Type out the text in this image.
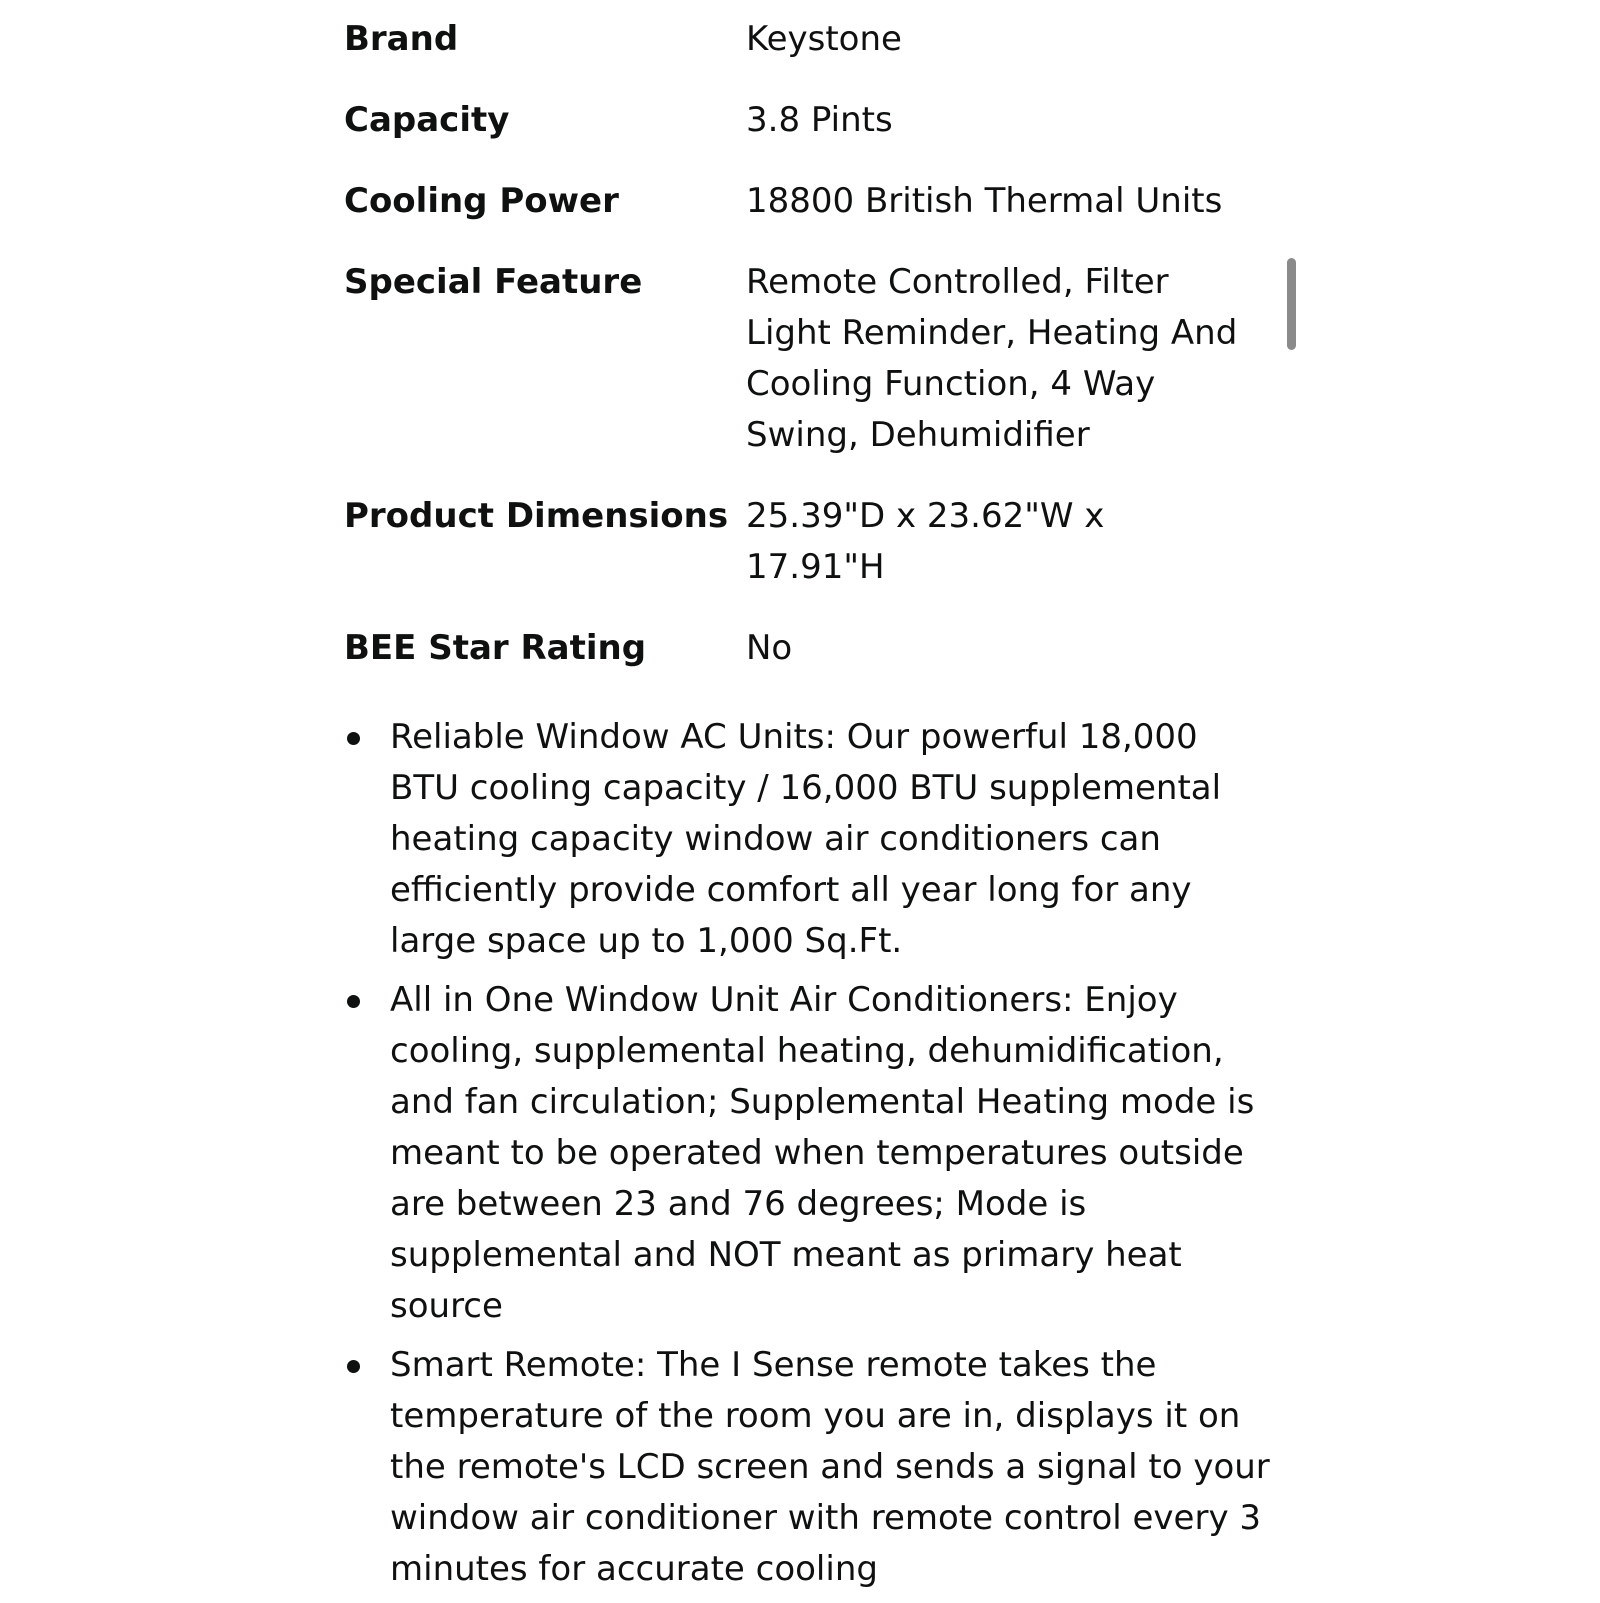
Brand	Keystone
Capacity	3.8 Pints
Cooling Power	18800 British Thermal Units
Special Feature	Remote Controlled, Filter Light Reminder, Heating And Cooling Function, 4 Way Swing, Dehumidifier
Product Dimensions 25.39"D x 23.62"W x 17.91"H
BEE Star Rating	No
Reliable Window AC Units: Our powerful 18,000 BTU cooling capacity / 16,000 BTU supplemental heating capacity window air conditioners can efficiently provide comfort all year long for any large space up to 1,000 Sq.Ft.
All in One Window Unit Air Conditioners: Enjoy cooling, supplemental heating, dehumidification, and fan circulation; Supplemental Heating mode is meant to be operated when temperatures outside are between 23 and 76 degrees; Mode is supplemental and NOT meant as primary heat source
Smart Remote: The I Sense remote takes the temperature of the room you are in, displays it on the remote's LCD screen and sends a signal to your window air conditioner with remote control every 3 minutes for accurate cooling
